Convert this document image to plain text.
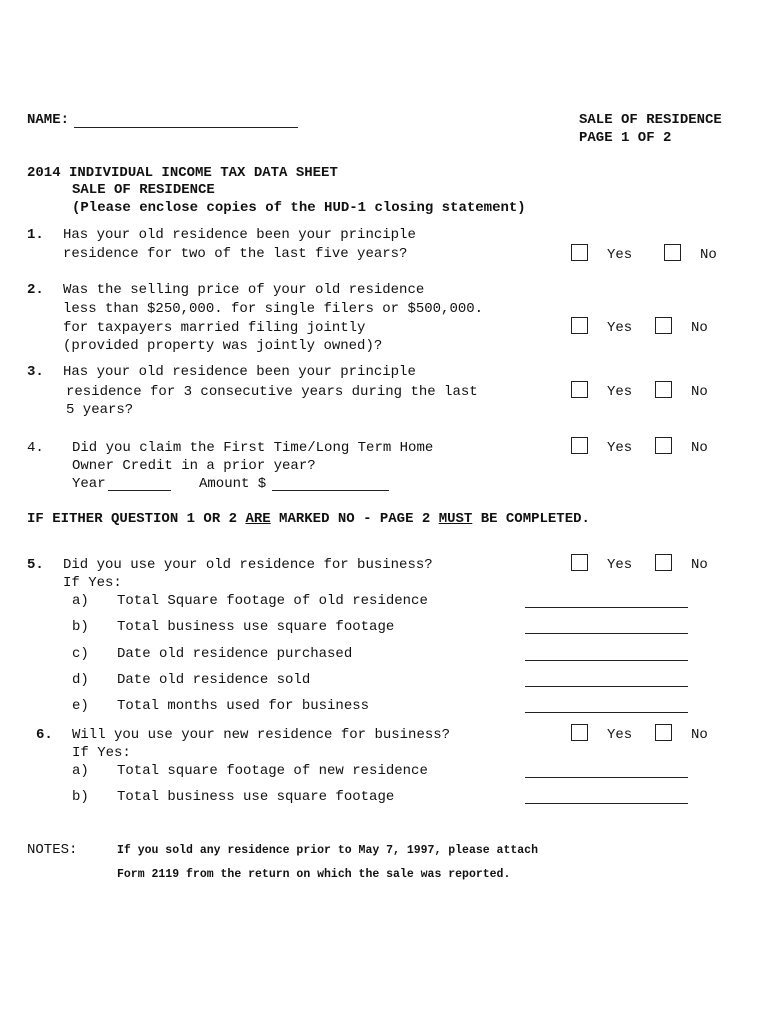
NAME:	SALE OF RESIDENCE
PAGE 1 OF 2
2014 INDIVIDUAL INCOME TAX DATA SHEET
SALE OF RESIDENCE
(Please enclose copies of the HUD-1 closing statement)
1. Has your old residence been your principle
residence for two of the last five years?	Yes	No
2. Was the selling price of your old residence
less than $250,000. for single filers or $500,000.
for taxpayers married filing jointly
(provided property was jointly owned)?
Yes	No
3. Has your old residence been your principle
residence for 3 consecutive years during the last
5 years?
Yes	No
4. Did you claim the First Time/Long Term Home
Owner Credit in a prior year?
Year	Amount $
Yes	No
IF EITHER QUESTION 1 OR 2 ARE MARKED NO - PAGE 2 MUST BE COMPLETED.
5. Did you use your old residence for business?
If Yes:
Yes	No
a) Total Square footage of old residence
b) Total business use square footage
c) Date old residence purchased
d) Date old residence sold
e) Total months used for business
6. Will you use your new residence for business?
If Yes:
Yes	No
a) Total square footage of new residence
b) Total business use square footage
NOTES:	If you sold any residence prior to May 7, 1997, please attach
Form 2119 from the return on which the sale was reported.
